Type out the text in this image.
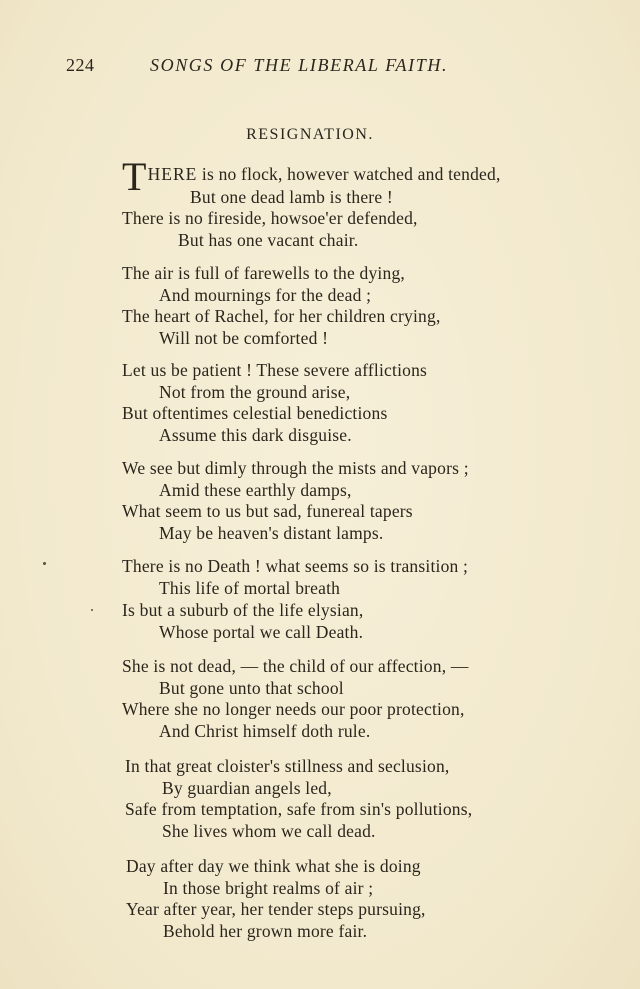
224	SONGS OF THE LIBERAL FAITH.
RESIGNATION.
THERE is no flock, however watched and tended,
But one dead lamb is there !
There is no fireside, howsoe'er defended,
But has one vacant chair.
The air is full of farewells to the dying,
And mournings for the dead ;
The heart of Rachel, for her children crying,
Will not be comforted !
Let us be patient ! These severe afflictions
Not from the ground arise,
But oftentimes celestial benedictions
Assume this dark disguise.
We see but dimly through the mists and vapors ;
Amid these earthly damps,
What seem to us but sad, funereal tapers
May be heaven's distant lamps.
There is no Death ! what seems so is transition ;
This life of mortal breath
Is but a suburb of the life elysian,
Whose portal we call Death.
She is not dead, — the child of our affection, —
But gone unto that school
Where she no longer needs our poor protection,
And Christ himself doth rule.
In that great cloister's stillness and seclusion,
By guardian angels led,
Safe from temptation, safe from sin's pollutions,
She lives whom we call dead.
Day after day we think what she is doing
In those bright realms of air ;
Year after year, her tender steps pursuing,
Behold her grown more fair.
